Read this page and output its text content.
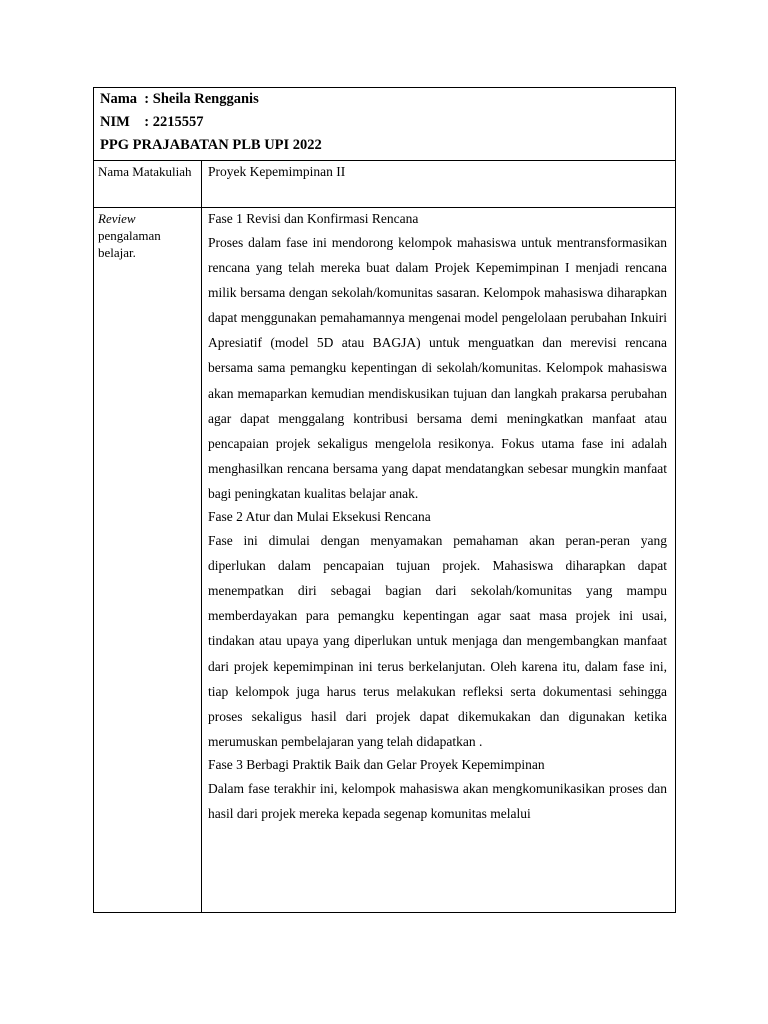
Nama  : Sheila Rengganis
NIM    : 2215557
PPG PRAJABATAN PLB UPI 2022
Nama Matakuliah	Proyek Kepemimpinan II
Review
pengalaman belajar.
Fase 1 Revisi dan Konfirmasi Rencana
Proses dalam fase ini mendorong kelompok mahasiswa untuk mentransformasikan rencana yang telah mereka buat dalam Projek Kepemimpinan I menjadi rencana milik bersama dengan sekolah/komunitas sasaran. Kelompok mahasiswa diharapkan dapat menggunakan pemahamannya mengenai model pengelolaan perubahan Inkuiri Apresiatif (model 5D atau BAGJA) untuk menguatkan dan merevisi rencana bersama sama pemangku kepentingan di sekolah/komunitas. Kelompok mahasiswa akan memaparkan kemudian mendiskusikan tujuan dan langkah prakarsa perubahan agar dapat menggalang kontribusi bersama demi meningkatkan manfaat atau pencapaian projek sekaligus mengelola resikonya. Fokus utama fase ini adalah menghasilkan rencana bersama yang dapat mendatangkan sebesar mungkin manfaat bagi peningkatan kualitas belajar anak.
Fase 2 Atur dan Mulai Eksekusi Rencana
Fase ini dimulai dengan menyamakan pemahaman akan peran-peran yang diperlukan dalam pencapaian tujuan projek. Mahasiswa diharapkan dapat menempatkan diri sebagai bagian dari sekolah/komunitas yang mampu memberdayakan para pemangku kepentingan agar saat masa projek ini usai, tindakan atau upaya yang diperlukan untuk menjaga dan mengembangkan manfaat dari projek kepemimpinan ini terus berkelanjutan. Oleh karena itu, dalam fase ini, tiap kelompok juga harus terus melakukan refleksi serta dokumentasi sehingga proses sekaligus hasil dari projek dapat dikemukakan dan digunakan ketika merumuskan pembelajaran yang telah didapatkan .
Fase 3 Berbagi Praktik Baik dan Gelar Proyek Kepemimpinan
Dalam fase terakhir ini, kelompok mahasiswa akan mengkomunikasikan proses dan hasil dari projek mereka kepada segenap komunitas melalui
